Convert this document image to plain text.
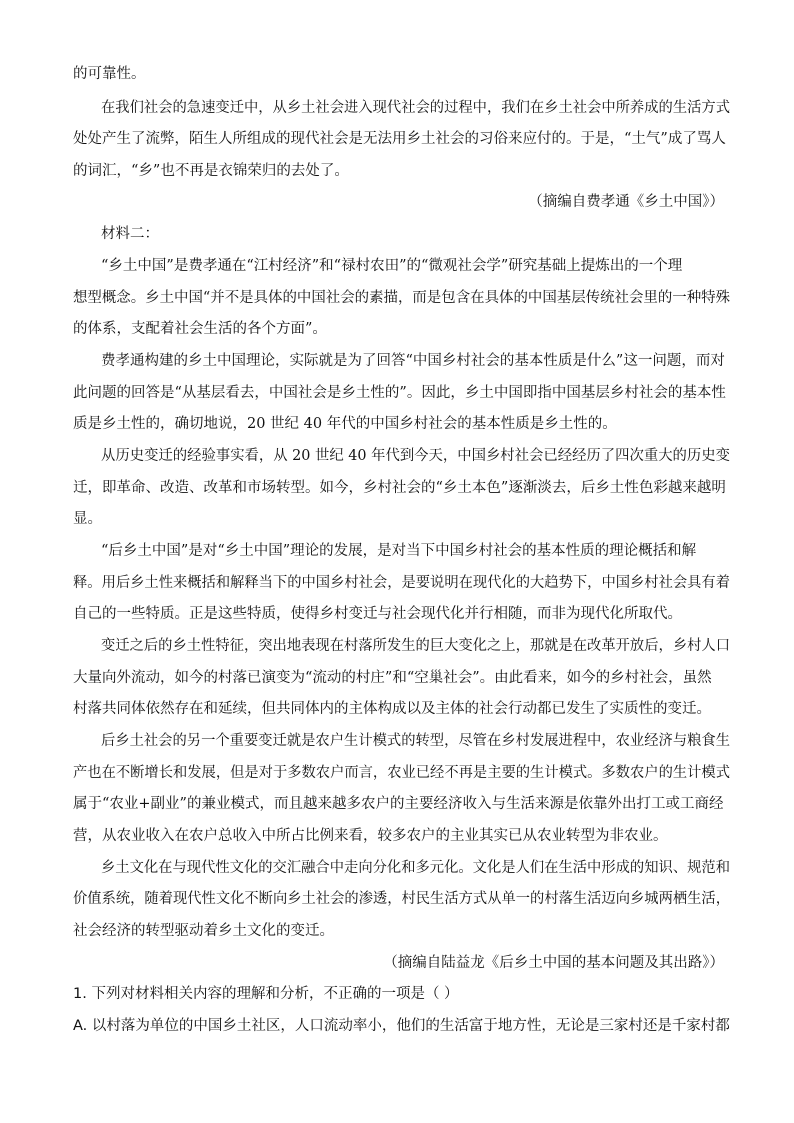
的可靠性。
在我们社会的急速变迁中，从乡土社会进入现代社会的过程中，我们在乡土社会中所养成的生活方式
处处产生了流弊，陌生人所组成的现代社会是无法用乡土社会的习俗来应付的。于是，“土气”成了骂人
的词汇，“乡”也不再是衣锦荣归的去处了。
（摘编自费孝通《乡土中国》）
材料二：
“乡土中国”是费孝通在“江村经济”和“禄村农田”的“微观社会学”研究基础上提炼出的一个理
想型概念。乡土中国“并不是具体的中国社会的素描，而是包含在具体的中国基层传统社会里的一种特殊
的体系，支配着社会生活的各个方面”。
费孝通构建的乡土中国理论，实际就是为了回答“中国乡村社会的基本性质是什么”这一问题，而对
此问题的回答是“从基层看去，中国社会是乡土性的”。因此，乡土中国即指中国基层乡村社会的基本性
质是乡土性的，确切地说，20 世纪 40 年代的中国乡村社会的基本性质是乡土性的。
从历史变迁的经验事实看，从 20 世纪 40 年代到今天，中国乡村社会已经经历了四次重大的历史变
迁，即革命、改造、改革和市场转型。如今，乡村社会的“乡土本色”逐渐淡去，后乡土性色彩越来越明
显。
“后乡土中国”是对“乡土中国”理论的发展，是对当下中国乡村社会的基本性质的理论概括和解
释。用后乡土性来概括和解释当下的中国乡村社会，是要说明在现代化的大趋势下，中国乡村社会具有着
自己的一些特质。正是这些特质，使得乡村变迁与社会现代化并行相随，而非为现代化所取代。
变迁之后的乡土性特征，突出地表现在村落所发生的巨大变化之上，那就是在改革开放后，乡村人口
大量向外流动，如今的村落已演变为“流动的村庄”和“空巢社会”。由此看来，如今的乡村社会，虽然
村落共同体依然存在和延续，但共同体内的主体构成以及主体的社会行动都已发生了实质性的变迁。
后乡土社会的另一个重要变迁就是农户生计模式的转型，尽管在乡村发展进程中，农业经济与粮食生
产也在不断增长和发展，但是对于多数农户而言，农业已经不再是主要的生计模式。多数农户的生计模式
属于“农业+副业”的兼业模式，而且越来越多农户的主要经济收入与生活来源是依靠外出打工或工商经
营，从农业收入在农户总收入中所占比例来看，较多农户的主业其实已从农业转型为非农业。
乡土文化在与现代性文化的交汇融合中走向分化和多元化。文化是人们在生活中形成的知识、规范和
价值系统，随着现代性文化不断向乡土社会的渗透，村民生活方式从单一的村落生活迈向乡城两栖生活，
社会经济的转型驱动着乡土文化的变迁。
（摘编自陆益龙《后乡土中国的基本问题及其出路》）
1. 下列对材料相关内容的理解和分析，不正确的一项是（ ）
A. 以村落为单位的中国乡土社区，人口流动率小，他们的生活富于地方性，无论是三家村还是千家村都
